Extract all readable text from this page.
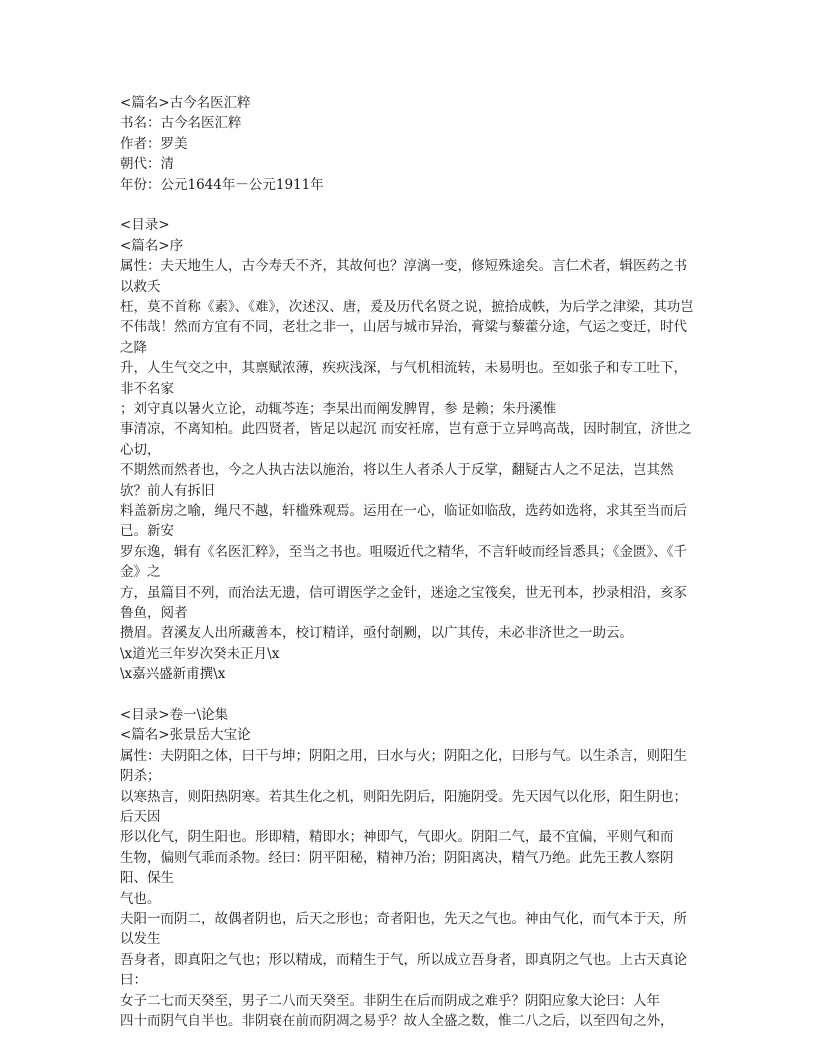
<篇名>古今名医汇粹
书名：古今名医汇粹
作者：罗美
朝代：清
年份：公元1644年－公元1911年
<目录>
<篇名>序
属性：夫天地生人，古今寿夭不齐，其故何也？淳漓一变，修短殊途矣。言仁术者，辑医药之书以救夭
枉，莫不首称《素》、《难》，次述汉、唐，爰及历代名贤之说，摭拾成帙，为后学之津梁，其功岂
不伟哉！然而方宜有不同，老壮之非一，山居与城市异治，膏粱与藜藿分途，气运之变迁，时代之降
升，人生气交之中，其禀赋浓薄，疾疢浅深，与气机相流转，未易明也。至如张子和专工吐下，非不名家
；刘守真以暑火立论，动辄芩连；李杲出而阐发脾胃，参 是赖；朱丹溪惟
事清凉，不离知柏。此四贤者，皆足以起沉 而安衽席，岂有意于立异鸣高哉，因时制宜，济世之心切，
不期然而然者也，今之人执古法以施治，将以生人者杀人于反掌，翻疑古人之不足法，岂其然欤？前人有拆旧
料盖新房之喻，绳尺不越，轩槛殊观焉。运用在一心，临证如临敌，选药如选将，求其至当而后已。新安
罗东逸，辑有《名医汇粹》，至当之书也。咀啜近代之精华，不言轩岐而经旨悉具；《金匮》、《千金》之
方，虽篇目不列，而治法无遗，信可谓医学之金针，迷途之宝筏矣，世无刊本，抄录相沿，亥豕鲁鱼，阅者
攒眉。苕溪友人出所藏善本，校订精详，亟付剞劂，以广其传，未必非济世之一助云。
\x道光三年岁次癸未正月\x
\x嘉兴盛新甫撰\x
<目录>卷一\论集
<篇名>张景岳大宝论
属性：夫阴阳之体，曰干与坤；阴阳之用，曰水与火；阴阳之化，曰形与气。以生杀言，则阳生阴杀；
以寒热言，则阳热阴寒。若其生化之机，则阳先阴后，阳施阴受。先天因气以化形，阳生阴也；后天因
形以化气，阴生阳也。形即精，精即水；神即气，气即火。阴阳二气，最不宜偏，平则气和而
生物，偏则气乖而杀物。经曰：阴平阳秘，精神乃治；阴阳离决，精气乃绝。此先王教人察阴阳、保生
气也。
夫阳一而阴二，故偶者阴也，后天之形也；奇者阳也，先天之气也。神由气化，而气本于天，所以发生
吾身者，即真阳之气也；形以精成，而精生于气，所以成立吾身者，即真阴之气也。上古天真论曰：
女子二七而天癸至，男子二八而天癸至。非阴生在后而阴成之难乎？阴阳应象大论曰：人年
四十而阴气自半也。非阴衰在前而阴凋之易乎？故人全盛之数，惟二八之后，以至四旬之外，
